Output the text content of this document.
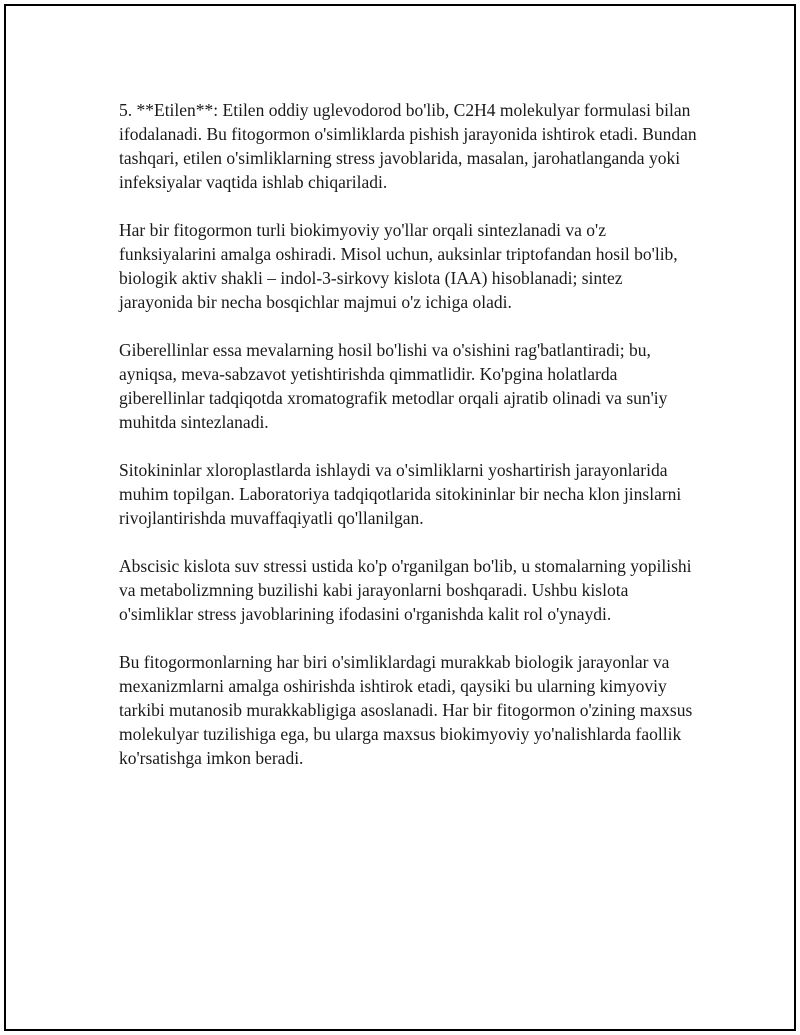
5. **Etilen**: Etilen oddiy uglevodorod bo'lib, C2H4 molekulyar formulasi bilan ifodalanadi. Bu fitogormon o'simliklarda pishish jarayonida ishtirok etadi. Bundan tashqari, etilen o'simliklarning stress javoblarida, masalan, jarohatlanganda yoki infeksiyalar vaqtida ishlab chiqariladi.

Har bir fitogormon turli biokimyoviy yo'llar orqali sintezlanadi va o'z funksiyalarini amalga oshiradi. Misol uchun, auksinlar triptofandan hosil bo'lib, biologik aktiv shakli – indol-3-sirkovy kislota (IAA) hisoblanadi; sintez jarayonida bir necha bosqichlar majmui o'z ichiga oladi.

Giberellinlar essa mevalarning hosil bo'lishi va o'sishini rag'batlantiradi; bu, ayniqsa, meva-sabzavot yetishtirishda qimmatlidir. Ko'pgina holatlarda giberellinlar tadqiqotda xromatografik metodlar orqali ajratib olinadi va sun'iy muhitda sintezlanadi.

Sitokininlar xloroplastlarda ishlaydi va o'simliklarni yoshartirish jarayonlarida muhim topilgan. Laboratoriya tadqiqotlarida sitokininlar bir necha klon jinslarni rivojlantirishda muvaffaqiyatli qo'llanilgan.

Abscisic kislota suv stressi ustida ko'p o'rganilgan bo'lib, u stomalarning yopilishi va metabolizmning buzilishi kabi jarayonlarni boshqaradi. Ushbu kislota o'simliklar stress javoblarining ifodasini o'rganishda kalit rol o'ynaydi.

Bu fitogormonlarning har biri o'simliklardagi murakkab biologik jarayonlar va mexanizmlarni amalga oshirishda ishtirok etadi, qaysiki bu ularning kimyoviy tarkibi mutanosib murakkabligiga asoslanadi. Har bir fitogormon o'zining maxsus molekulyar tuzilishiga ega, bu ularga maxsus biokimyoviy yo'nalishlarda faollik ko'rsatishga imkon beradi.
